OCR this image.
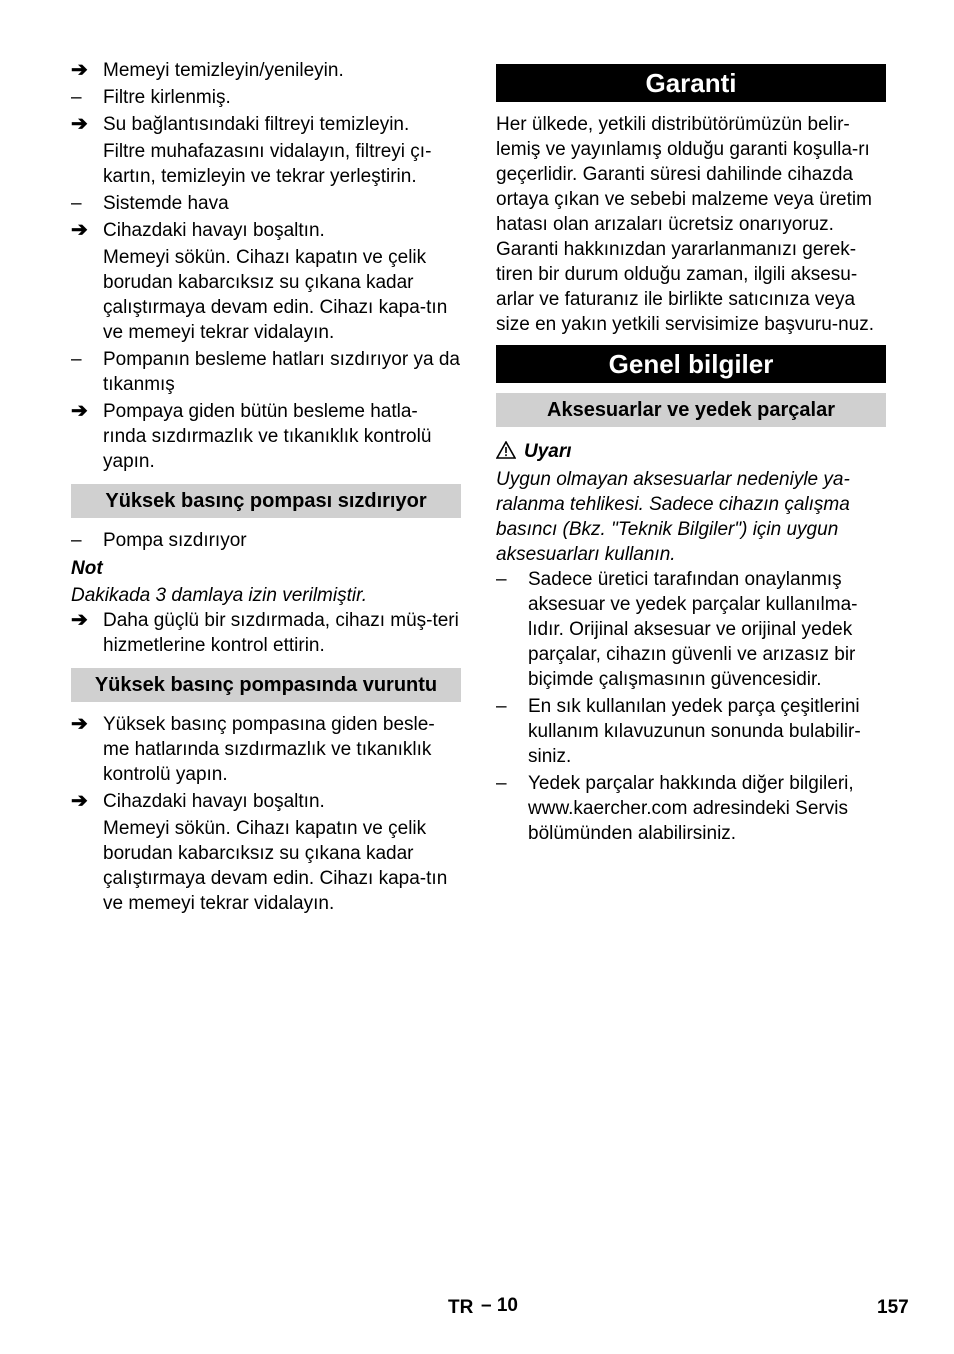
➔ Memeyi temizleyin/yenileyin.
–	Filtre kirlenmiş.
➔ Su bağlantısındaki filtreyi temizleyin.
Filtre muhafazasını vidalayın, filtreyi çı-kartın, temizleyin ve tekrar yerleştirin.
–	Sistemde hava
➔ Cihazdaki havayı boşaltın.
Memeyi sökün. Cihazı kapatın ve çelik borudan kabarcıksız su çıkana kadar çalıştırmaya devam edin. Cihazı kapa-tın ve memeyi tekrar vidalayın.
–	Pompanın besleme hatları sızdırıyor ya da tıkanmış
➔ Pompaya giden bütün besleme hatla-rında sızdırmazlık ve tıkanıklık kontrolü yapın.
Yüksek basınç pompası sızdırıyor
–	Pompa sızdırıyor
Not

Dakikada 3 damlaya izin verilmiştir.

➔ Daha güçlü bir sızdırmada, cihazı müş-teri hizmetlerine kontrol ettirin.
Yüksek basınç pompasında vuruntu
➔ Yüksek basınç pompasına giden besle-me hatlarında sızdırmazlık ve tıkanıklık kontrolü yapın.
➔ Cihazdaki havayı boşaltın.
Memeyi sökün. Cihazı kapatın ve çelik borudan kabarcıksız su çıkana kadar çalıştırmaya devam edin. Cihazı kapa-tın ve memeyi tekrar vidalayın.
Garanti

Her ülkede, yetkili distribütörümüzün belir-lemiş ve yayınlamış olduğu garanti koşulla-rı geçerlidir. Garanti süresi dahilinde cihazda ortaya çıkan ve sebebi malzeme veya üretim hatası olan arızaları ücretsiz onarıyoruz.

Garanti hakkınızdan yararlanmanızı gerek-tiren bir durum olduğu zaman, ilgili aksesu-arlar ve faturanız ile birlikte satıcınıza veya size en yakın yetkili servisimize başvuru-nuz.

Genel bilgiler
Aksesuarlar ve yedek parçalar
Uyarı

Uygun olmayan aksesuarlar nedeniyle ya-ralanma tehlikesi. Sadece cihazın çalışma basıncı (Bkz. "Teknik Bilgiler") için uygun aksesuarları kullanın.

–	Sadece üretici tarafından onaylanmış aksesuar ve yedek parçalar kullanılma-lıdır. Orijinal aksesuar ve orijinal yedek parçalar, cihazın güvenli ve arızasız bir biçimde çalışmasının güvencesidir.
–	En sık kullanılan yedek parça çeşitlerini kullanım kılavuzunun sonunda bulabilir-siniz.
–	Yedek parçalar hakkında diğer bilgileri, www.kaercher.com adresindeki Servis bölümünden alabilirsiniz.
TR – 10	157
